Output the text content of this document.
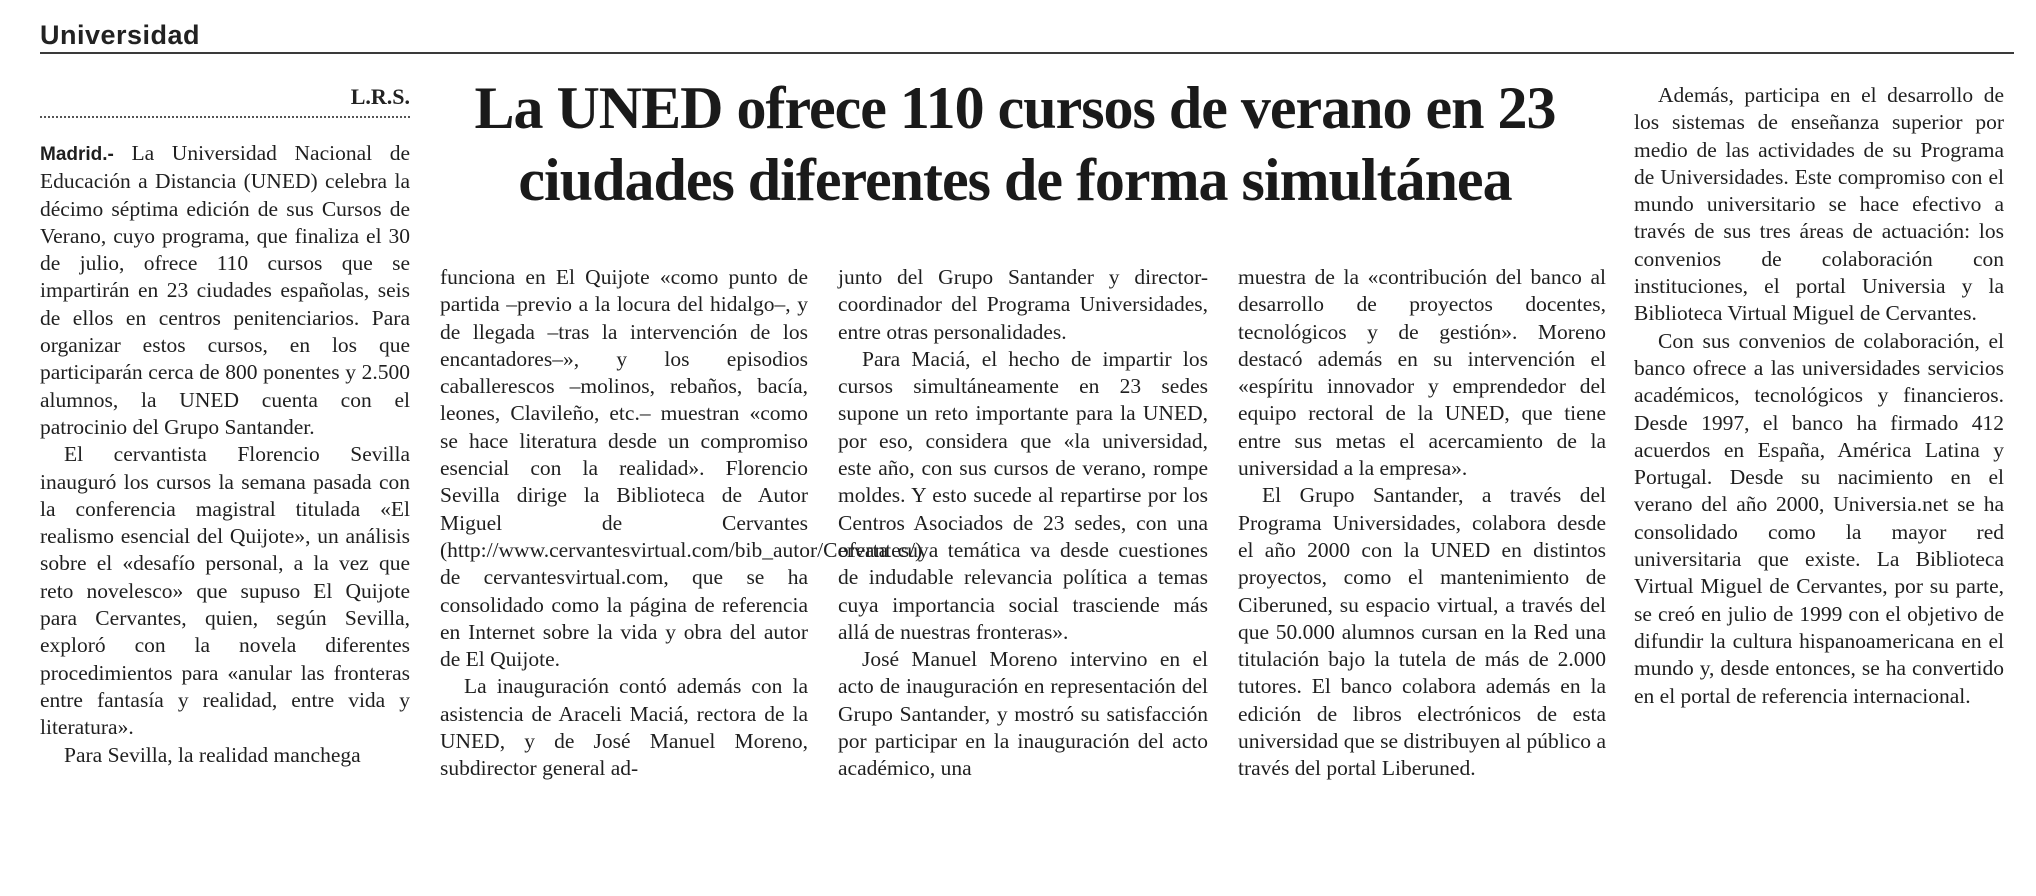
Universidad
L.R.S.	La UNED ofrece 110 cursos de verano en 23 ciudades diferentes de forma simultánea

Madrid.- La Universidad Nacional de Educación a Distancia (UNED) celebra la décimo séptima edición de sus Cursos de Verano, cuyo programa, que finaliza el 30 de julio, ofrece 110 cursos que se impartirán en 23 ciudades españolas, seis de ellos en centros penitenciarios. Para organizar estos cursos, en los que participarán cerca de 800 ponentes y 2.500 alumnos, la UNED cuenta con el patrocinio del Grupo Santander.

El cervantista Florencio Sevilla inauguró los cursos la semana pasada con la conferencia magistral titulada «El realismo esencial del Quijote», un análisis sobre el «desafío personal, a la vez que reto novelesco» que supuso El Quijote para Cervantes, quien, según Sevilla, exploró con la novela diferentes procedimientos para «anular las fronteras entre fantasía y realidad, entre vida y literatura».

Para Sevilla, la realidad manchega

funciona en El Quijote «como punto de partida –previo a la locura del hidalgo–, y de llegada –tras la intervención de los encantadores–», y los episodios caballerescos –molinos, rebaños, bacía, leones, Clavileño, etc.– muestran «como se hace literatura desde un compromiso esencial con la realidad». Florencio Sevilla dirige la Biblioteca de Autor Miguel de Cervantes (http://www.cervantesvirtual.com/bib_autor/Cervantes/) de cervantesvirtual.com, que se ha consolidado como la página de referencia en Internet sobre la vida y obra del autor de El Quijote.

La inauguración contó además con la asistencia de Araceli Maciá, rectora de la UNED, y de José Manuel Moreno, subdirector general ad-

junto del Grupo Santander y director-coordinador del Programa Universidades, entre otras personalidades.

Para Maciá, el hecho de impartir los cursos simultáneamente en 23 sedes supone un reto importante para la UNED, por eso, considera que «la universidad, este año, con sus cursos de verano, rompe moldes. Y esto sucede al repartirse por los Centros Asociados de 23 sedes, con una oferta cuya temática va desde cuestiones de indudable relevancia política a temas cuya importancia social trasciende más allá de nuestras fronteras».

José Manuel Moreno intervino en el acto de inauguración en representación del Grupo Santander, y mostró su satisfacción por participar en la inauguración del acto académico, una

muestra de la «contribución del banco al desarrollo de proyectos docentes, tecnológicos y de gestión». Moreno destacó además en su intervención el «espíritu innovador y emprendedor del equipo rectoral de la UNED, que tiene entre sus metas el acercamiento de la universidad a la empresa».

El Grupo Santander, a través del Programa Universidades, colabora desde el año 2000 con la UNED en distintos proyectos, como el mantenimiento de Ciberuned, su espacio virtual, a través del que 50.000 alumnos cursan en la Red una titulación bajo la tutela de más de 2.000 tutores. El banco colabora además en la edición de libros electrónicos de esta universidad que se distribuyen al público a través del portal Liberuned.

Además, participa en el desarrollo de los sistemas de enseñanza superior por medio de las actividades de su Programa de Universidades. Este compromiso con el mundo universitario se hace efectivo a través de sus tres áreas de actuación: los convenios de colaboración con instituciones, el portal Universia y la Biblioteca Virtual Miguel de Cervantes.

Con sus convenios de colaboración, el banco ofrece a las universidades servicios académicos, tecnológicos y financieros. Desde 1997, el banco ha firmado 412 acuerdos en España, América Latina y Portugal. Desde su nacimiento en el verano del año 2000, Universia.net se ha consolidado como la mayor red universitaria que existe. La Biblioteca Virtual Miguel de Cervantes, por su parte, se creó en julio de 1999 con el objetivo de difundir la cultura hispanoamericana en el mundo y, desde entonces, se ha convertido en el portal de referencia internacional.
